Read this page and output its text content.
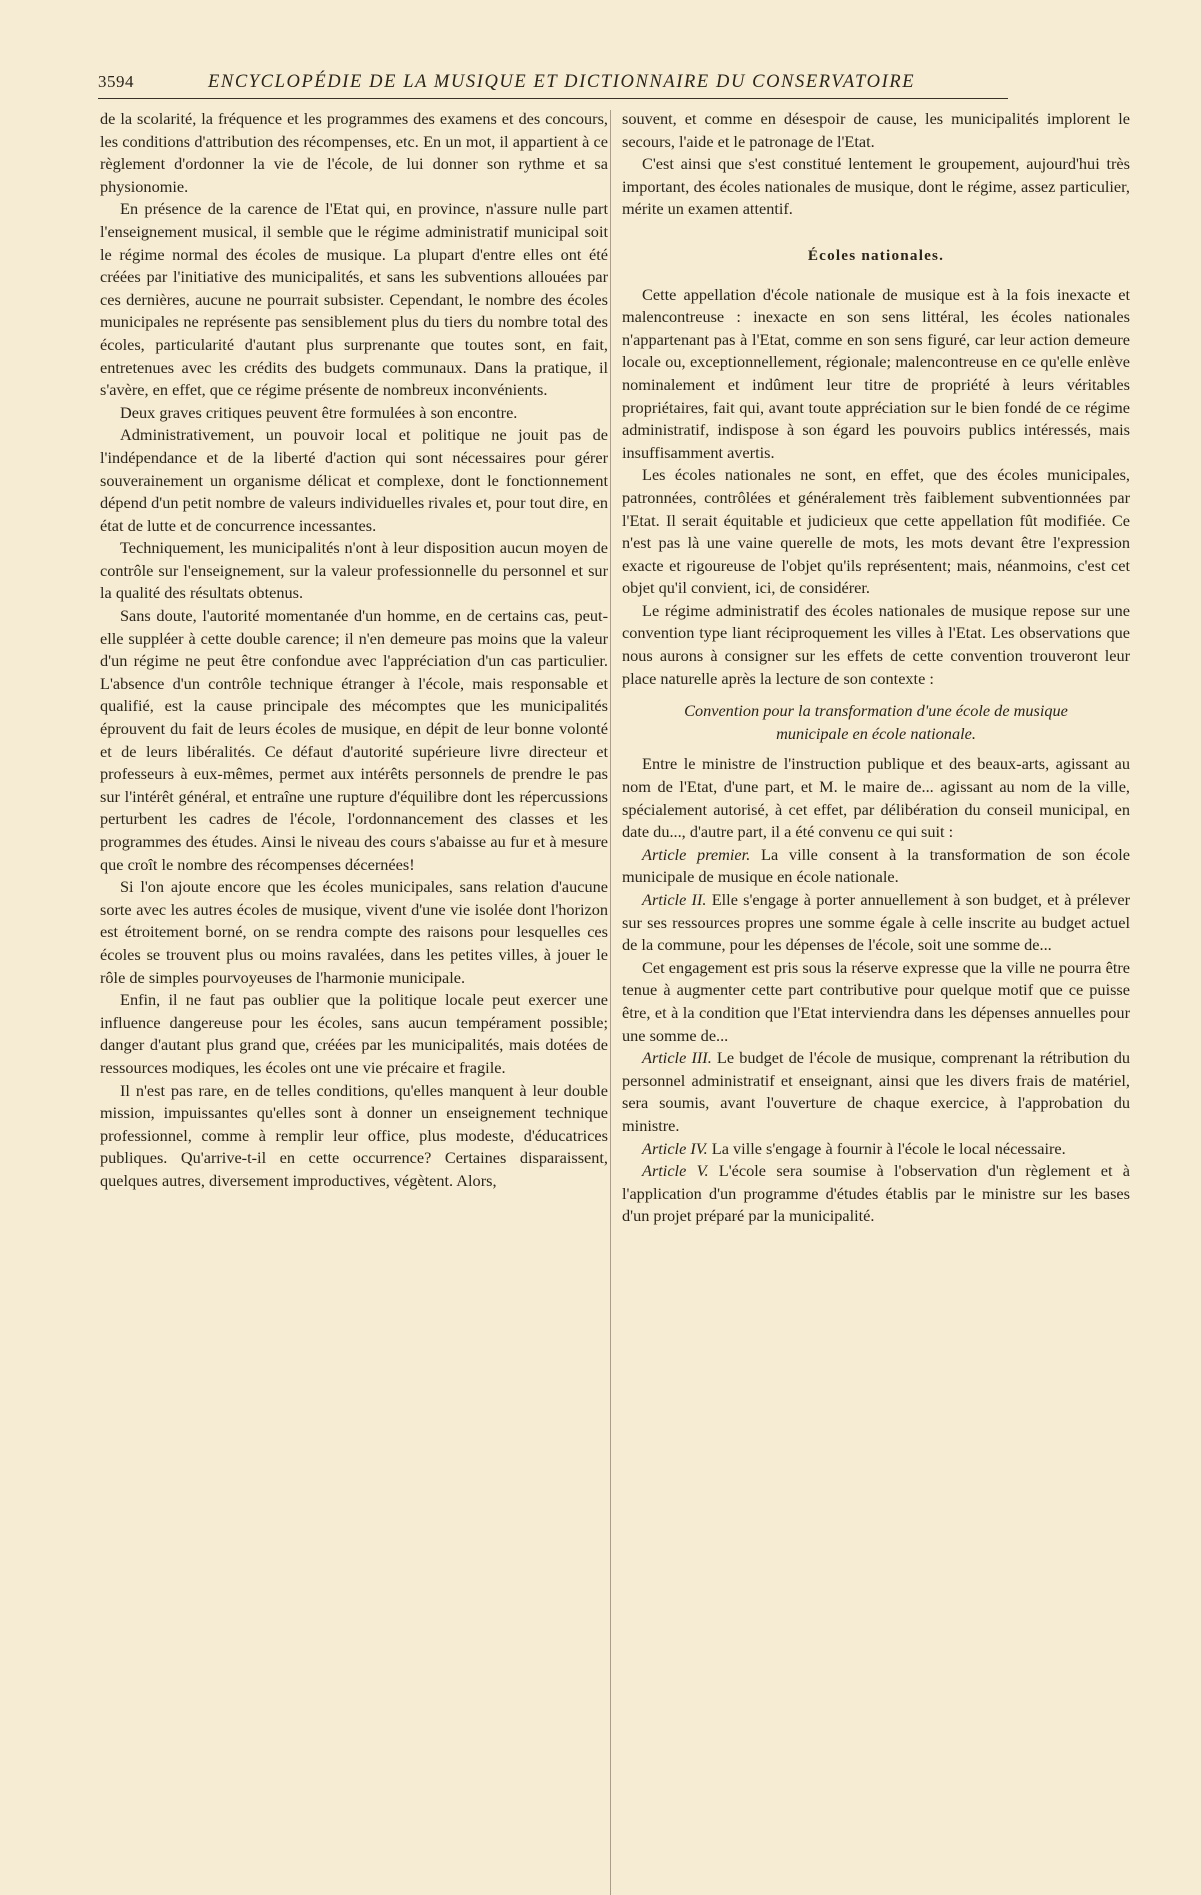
3594	ENCYCLOPÉDIE DE LA MUSIQUE ET DICTIONNAIRE DU CONSERVATOIRE

de la scolarité, la fréquence et les programmes des examens et des concours, les conditions d'attribution des récompenses, etc. En un mot, il appartient à ce règlement d'ordonner la vie de l'école, de lui donner son rythme et sa physionomie.

En présence de la carence de l'Etat qui, en province, n'assure nulle part l'enseignement musical, il semble que le régime administratif municipal soit le régime normal des écoles de musique. La plupart d'entre elles ont été créées par l'initiative des municipalités, et sans les subventions allouées par ces dernières, aucune ne pourrait subsister. Cependant, le nombre des écoles municipales ne représente pas sensiblement plus du tiers du nombre total des écoles, particularité d'autant plus surprenante que toutes sont, en fait, entretenues avec les crédits des budgets communaux. Dans la pratique, il s'avère, en effet, que ce régime présente de nombreux inconvénients.

Deux graves critiques peuvent être formulées à son encontre.

Administrativement, un pouvoir local et politique ne jouit pas de l'indépendance et de la liberté d'action qui sont nécessaires pour gérer souverainement un organisme délicat et complexe, dont le fonctionnement dépend d'un petit nombre de valeurs individuelles rivales et, pour tout dire, en état de lutte et de concurrence incessantes.

Techniquement, les municipalités n'ont à leur disposition aucun moyen de contrôle sur l'enseignement, sur la valeur professionnelle du personnel et sur la qualité des résultats obtenus.

Sans doute, l'autorité momentanée d'un homme, en de certains cas, peut-elle suppléer à cette double carence; il n'en demeure pas moins que la valeur d'un régime ne peut être confondue avec l'appréciation d'un cas particulier. L'absence d'un contrôle technique étranger à l'école, mais responsable et qualifié, est la cause principale des mécomptes que les municipalités éprouvent du fait de leurs écoles de musique, en dépit de leur bonne volonté et de leurs libéralités. Ce défaut d'autorité supérieure livre directeur et professeurs à eux-mêmes, permet aux intérêts personnels de prendre le pas sur l'intérêt général, et entraîne une rupture d'équilibre dont les répercussions perturbent les cadres de l'école, l'ordonnancement des classes et les programmes des études. Ainsi le niveau des cours s'abaisse au fur et à mesure que croît le nombre des récompenses décernées!

Si l'on ajoute encore que les écoles municipales, sans relation d'aucune sorte avec les autres écoles de musique, vivent d'une vie isolée dont l'horizon est étroitement borné, on se rendra compte des raisons pour lesquelles ces écoles se trouvent plus ou moins ravalées, dans les petites villes, à jouer le rôle de simples pourvoyeuses de l'harmonie municipale.

Enfin, il ne faut pas oublier que la politique locale peut exercer une influence dangereuse pour les écoles, sans aucun tempérament possible; danger d'autant plus grand que, créées par les municipalités, mais dotées de ressources modiques, les écoles ont une vie précaire et fragile.

Il n'est pas rare, en de telles conditions, qu'elles manquent à leur double mission, impuissantes qu'elles sont à donner un enseignement technique professionnel, comme à remplir leur office, plus modeste, d'éducatrices publiques. Qu'arrive-t-il en cette occurrence? Certaines disparaissent, quelques autres, diversement improductives, végètent. Alors,

souvent, et comme en désespoir de cause, les municipalités implorent le secours, l'aide et le patronage de l'Etat.

C'est ainsi que s'est constitué lentement le groupement, aujourd'hui très important, des écoles nationales de musique, dont le régime, assez particulier, mérite un examen attentif.

Écoles nationales.

Cette appellation d'école nationale de musique est à la fois inexacte et malencontreuse : inexacte en son sens littéral, les écoles nationales n'appartenant pas à l'Etat, comme en son sens figuré, car leur action demeure locale ou, exceptionnellement, régionale; malencontreuse en ce qu'elle enlève nominalement et indûment leur titre de propriété à leurs véritables propriétaires, fait qui, avant toute appréciation sur le bien fondé de ce régime administratif, indispose à son égard les pouvoirs publics intéressés, mais insuffisamment avertis.

Les écoles nationales ne sont, en effet, que des écoles municipales, patronnées, contrôlées et généralement très faiblement subventionnées par l'Etat. Il serait équitable et judicieux que cette appellation fût modifiée. Ce n'est pas là une vaine querelle de mots, les mots devant être l'expression exacte et rigoureuse de l'objet qu'ils représentent; mais, néanmoins, c'est cet objet qu'il convient, ici, de considérer.

Le régime administratif des écoles nationales de musique repose sur une convention type liant réciproquement les villes à l'Etat. Les observations que nous aurons à consigner sur les effets de cette convention trouveront leur place naturelle après la lecture de son contexte :

Convention pour la transformation d'une école de musique municipale en école nationale.

Entre le ministre de l'instruction publique et des beaux-arts, agissant au nom de l'Etat, d'une part, et M. le maire de... agissant au nom de la ville, spécialement autorisé, à cet effet, par délibération du conseil municipal, en date du..., d'autre part, il a été convenu ce qui suit :

Article premier. La ville consent à la transformation de son école municipale de musique en école nationale.

Article II. Elle s'engage à porter annuellement à son budget, et à prélever sur ses ressources propres une somme égale à celle inscrite au budget actuel de la commune, pour les dépenses de l'école, soit une somme de...

Cet engagement est pris sous la réserve expresse que la ville ne pourra être tenue à augmenter cette part contributive pour quelque motif que ce puisse être, et à la condition que l'Etat interviendra dans les dépenses annuelles pour une somme de...

Article III. Le budget de l'école de musique, comprenant la rétribution du personnel administratif et enseignant, ainsi que les divers frais de matériel, sera soumis, avant l'ouverture de chaque exercice, à l'approbation du ministre.

Article IV. La ville s'engage à fournir à l'école le local nécessaire.

Article V. L'école sera soumise à l'observation d'un règlement et à l'application d'un programme d'études établis par le ministre sur les bases d'un projet préparé par la municipalité.
